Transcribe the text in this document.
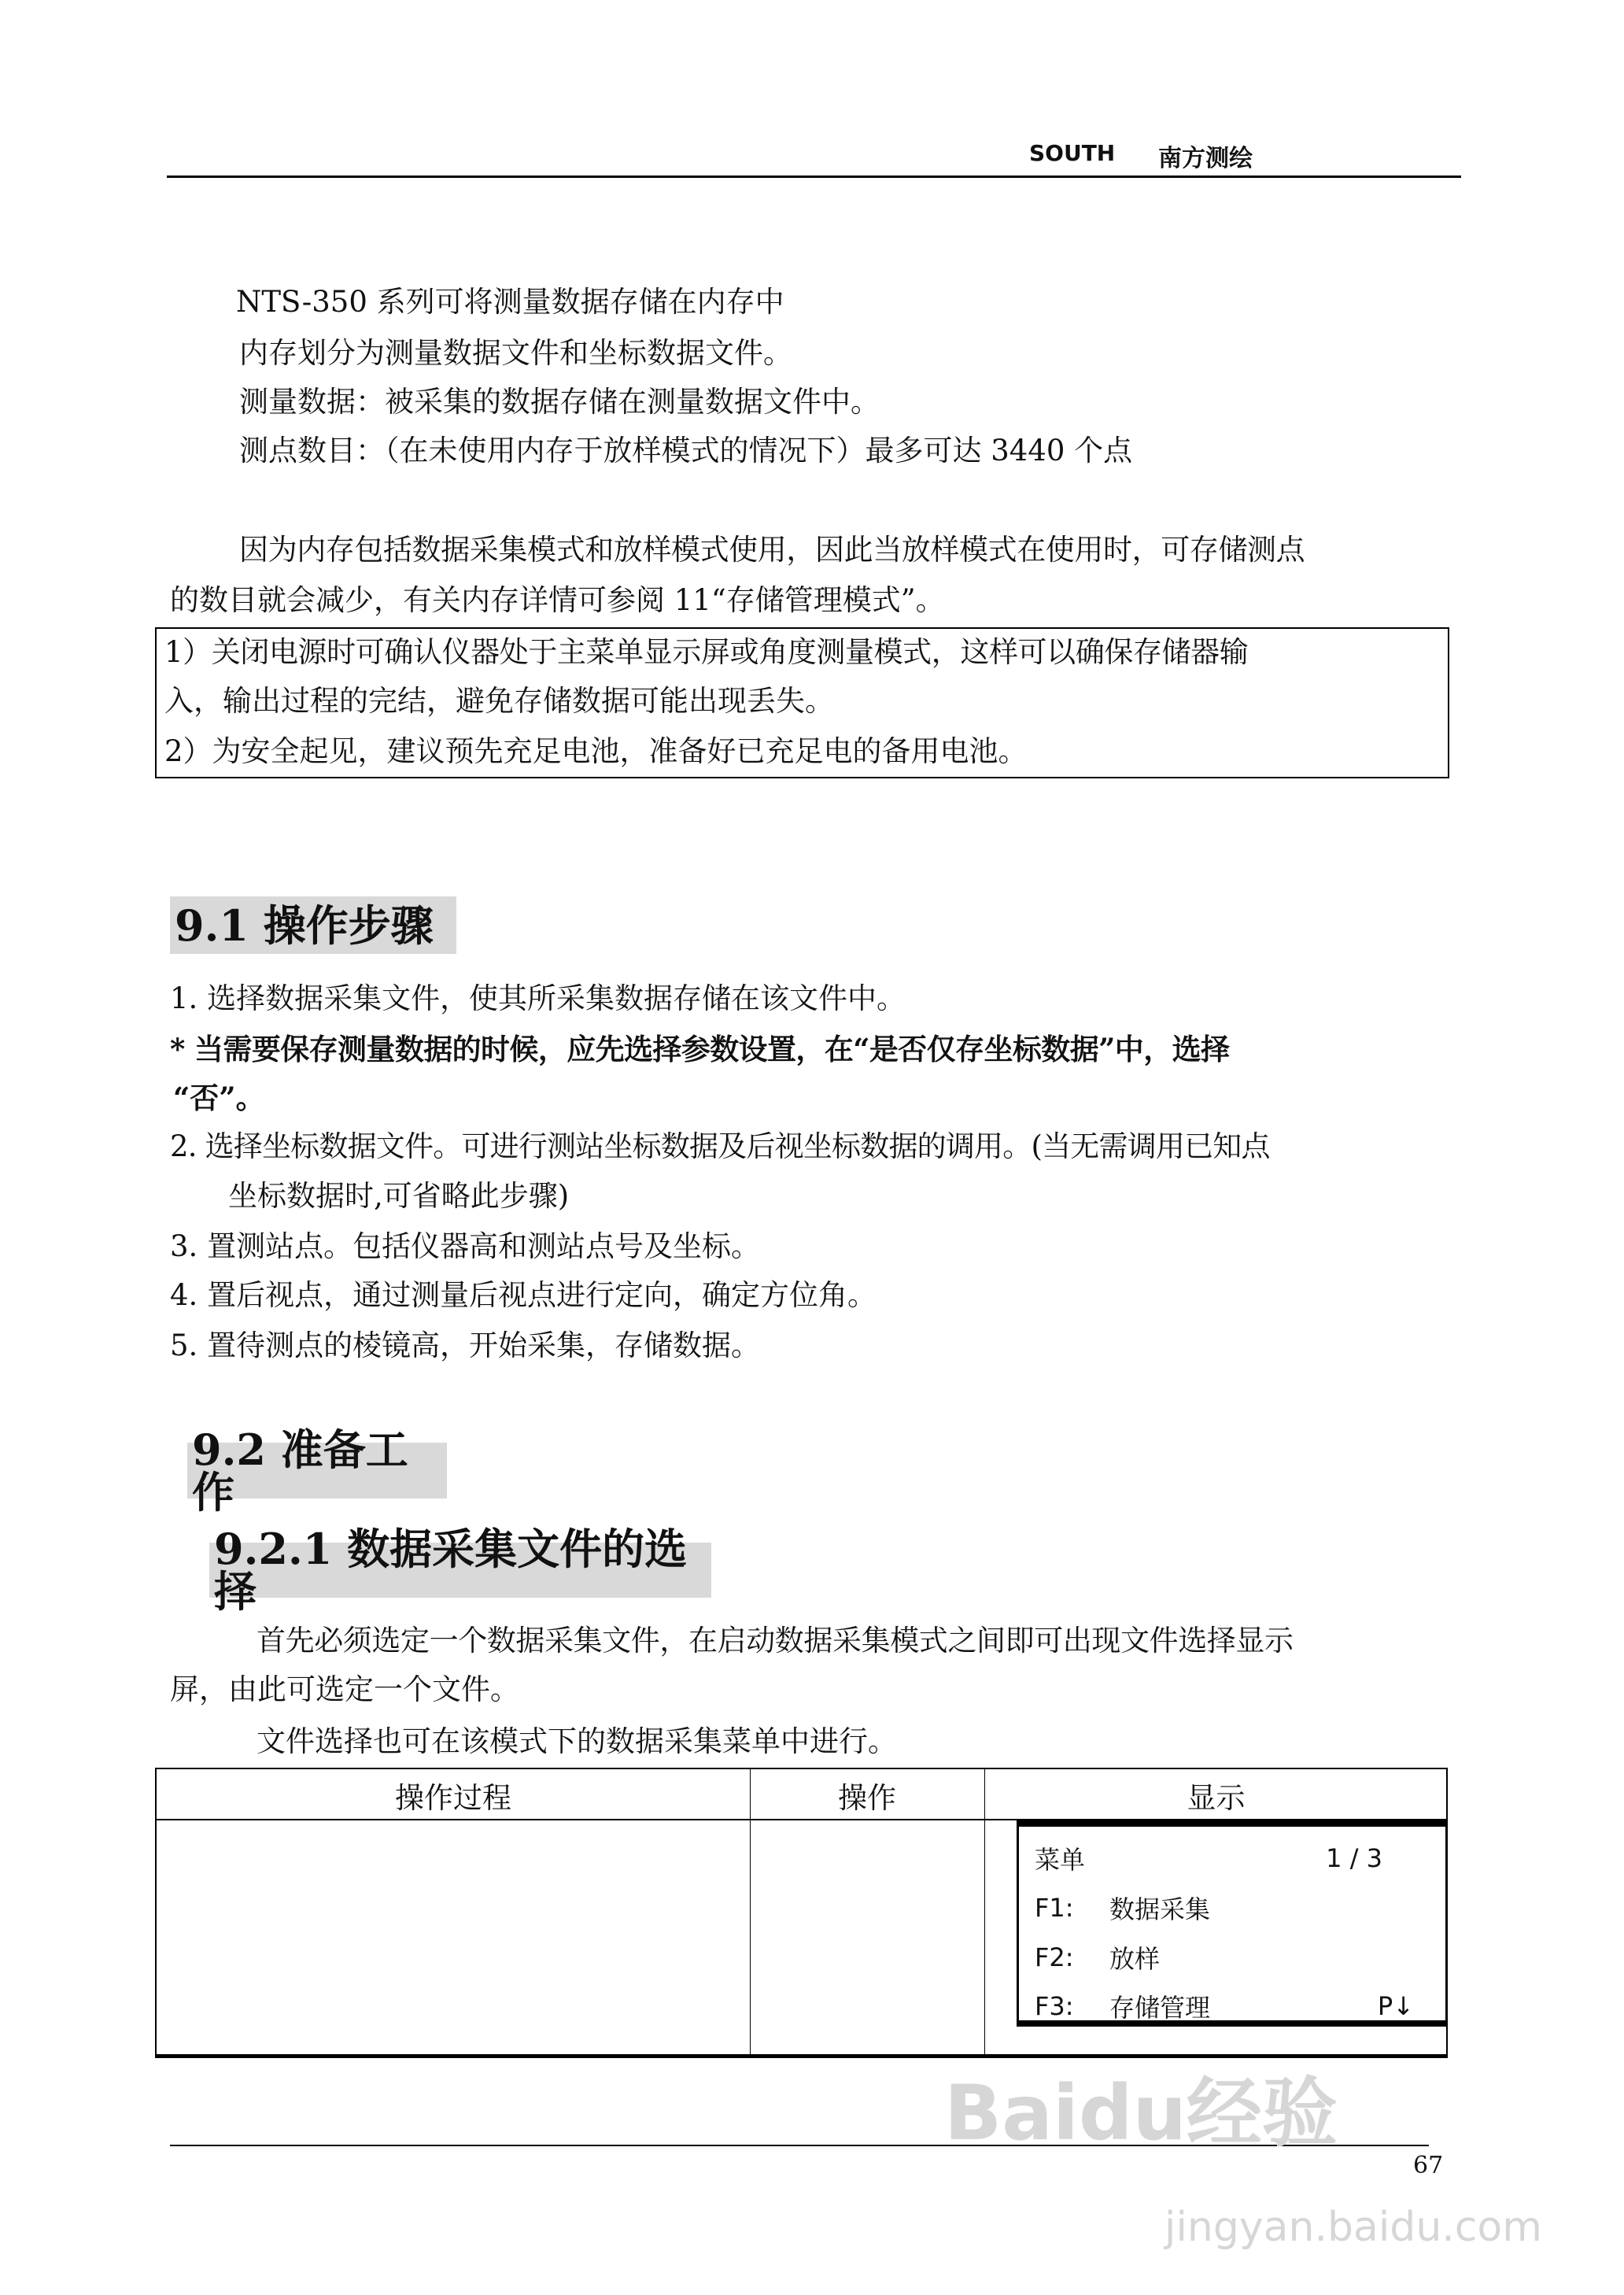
SOUTH 南方测绘
NTS-350 系列可将测量数据存储在内存中
内存划分为测量数据文件和坐标数据文件。
测量数据：被采集的数据存储在测量数据文件中。
测点数目：（在未使用内存于放样模式的情况下）最多可达 3440 个点
因为内存包括数据采集模式和放样模式使用，因此当放样模式在使用时，可存储测点
的数目就会减少，有关内存详情可参阅 11“存储管理模式”。
1）关闭电源时可确认仪器处于主菜单显示屏或角度测量模式，这样可以确保存储器输
入，输出过程的完结，避免存储数据可能出现丢失。
2）为安全起见，建议预先充足电池，准备好已充足电的备用电池。
9.1 操作步骤
1. 选择数据采集文件，使其所采集数据存储在该文件中。
* 当需要保存测量数据的时候，应先选择参数设置，在“是否仅存坐标数据”中，选择
“否”。
2. 选择坐标数据文件。可进行测站坐标数据及后视坐标数据的调用。(当无需调用已知点
坐标数据时,可省略此步骤)
3. 置测站点。包括仪器高和测站点号及坐标。
4. 置后视点，通过测量后视点进行定向，确定方位角。
5. 置待测点的棱镜高，开始采集，存储数据。
9.2 准备工作
9.2.1 数据采集文件的选择
首先必须选定一个数据采集文件，在启动数据采集模式之间即可出现文件选择显示
屏，由此可选定一个文件。
文件选择也可在该模式下的数据采集菜单中进行。
操作过程	操作	显示
菜单	1 / 3
F1:	数据采集
F2:	放样
F3:	存储管理	P↓
67
Baidu经验
jingyan.baidu.com
